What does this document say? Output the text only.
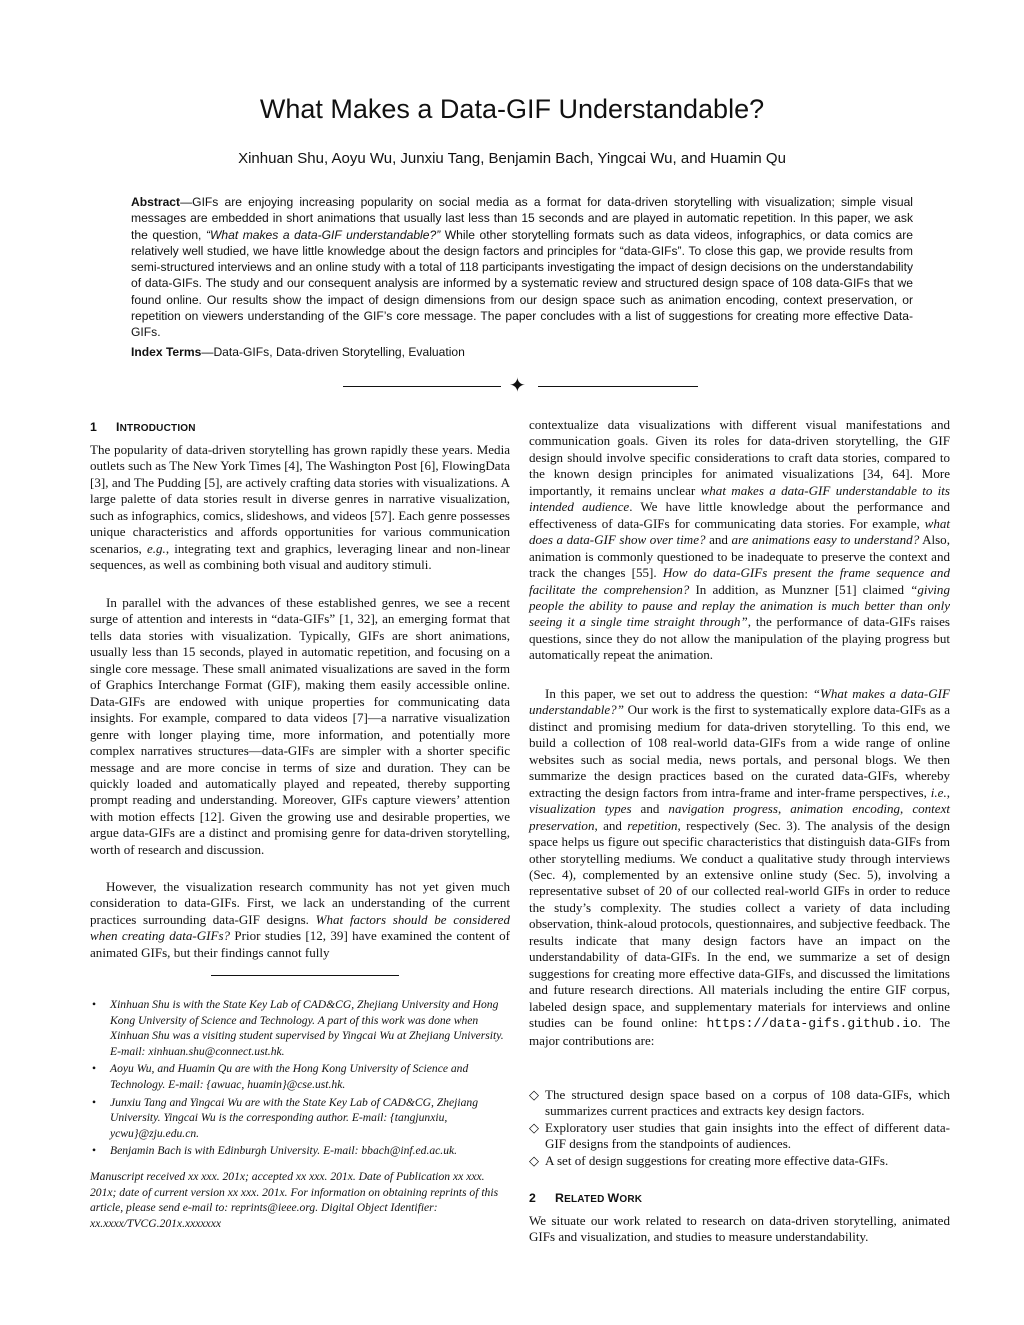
What Makes a Data-GIF Understandable?
Xinhuan Shu, Aoyu Wu, Junxiu Tang, Benjamin Bach, Yingcai Wu, and Huamin Qu
Abstract—GIFs are enjoying increasing popularity on social media as a format for data-driven storytelling with visualization; simple visual messages are embedded in short animations that usually last less than 15 seconds and are played in automatic repetition. In this paper, we ask the question, “What makes a data-GIF understandable?” While other storytelling formats such as data videos, infographics, or data comics are relatively well studied, we have little knowledge about the design factors and principles for “data-GIFs”. To close this gap, we provide results from semi-structured interviews and an online study with a total of 118 participants investigating the impact of design decisions on the understandability of data-GIFs. The study and our consequent analysis are informed by a systematic review and structured design space of 108 data-GIFs that we found online. Our results show the impact of design dimensions from our design space such as animation encoding, context preservation, or repetition on viewers understanding of the GIF’s core message. The paper concludes with a list of suggestions for creating more effective Data-GIFs.
Index Terms—Data-GIFs, Data-driven Storytelling, Evaluation
✦
1 INTRODUCTION

The popularity of data-driven storytelling has grown rapidly these years. Media outlets such as The New York Times [4], The Washington Post [6], FlowingData [3], and The Pudding [5], are actively crafting data stories with visualizations. A large palette of data stories result in diverse genres in narrative visualization, such as infographics, comics, slideshows, and videos [57]. Each genre possesses unique characteristics and affords opportunities for various communication scenarios, e.g., integrating text and graphics, leveraging linear and non-linear sequences, as well as combining both visual and auditory stimuli.

In parallel with the advances of these established genres, we see a recent surge of attention and interests in “data-GIFs” [1, 32], an emerging format that tells data stories with visualization. Typically, GIFs are short animations, usually less than 15 seconds, played in automatic repetition, and focusing on a single core message. These small animated visualizations are saved in the form of Graphics Interchange Format (GIF), making them easily accessible online. Data-GIFs are endowed with unique properties for communicating data insights. For example, compared to data videos [7]—a narrative visualization genre with longer playing time, more information, and potentially more complex narratives structures—data-GIFs are simpler with a shorter specific message and are more concise in terms of size and duration. They can be quickly loaded and automatically played and repeated, thereby supporting prompt reading and understanding. Moreover, GIFs capture viewers’ attention with motion effects [12]. Given the growing use and desirable properties, we argue data-GIFs are a distinct and promising genre for data-driven storytelling, worth of research and discussion.

However, the visualization research community has not yet given much consideration to data-GIFs. First, we lack an understanding of the current practices surrounding data-GIF designs. What factors should be considered when creating data-GIFs? Prior studies [12, 39] have examined the content of animated GIFs, but their findings cannot fully

• Xinhuan Shu is with the State Key Lab of CAD&CG, Zhejiang University and Hong Kong University of Science and Technology. A part of this work was done when Xinhuan Shu was a visiting student supervised by Yingcai Wu at Zhejiang University. E-mail: xinhuan.shu@connect.ust.hk.
• Aoyu Wu, and Huamin Qu are with the Hong Kong University of Science and Technology. E-mail: {awuac, huamin}@cse.ust.hk.
• Junxiu Tang and Yingcai Wu are with the State Key Lab of CAD&CG, Zhejiang University. Yingcai Wu is the corresponding author. E-mail: {tangjunxiu, ycwu}@zju.edu.cn.
• Benjamin Bach is with Edinburgh University. E-mail: bbach@inf.ed.ac.uk.
Manuscript received xx xxx. 201x; accepted xx xxx. 201x. Date of Publication xx xxx. 201x; date of current version xx xxx. 201x. For information on obtaining reprints of this article, please send e-mail to: reprints@ieee.org. Digital Object Identifier: xx.xxxx/TVCG.201x.xxxxxxx

contextualize data visualizations with different visual manifestations and communication goals. Given its roles for data-driven storytelling, the GIF design should involve specific considerations to craft data stories, compared to the known design principles for animated visualizations [34, 64]. More importantly, it remains unclear what makes a data-GIF understandable to its intended audience. We have little knowledge about the performance and effectiveness of data-GIFs for communicating data stories. For example, what does a data-GIF show over time? and are animations easy to understand? Also, animation is commonly questioned to be inadequate to preserve the context and track the changes [55]. How do data-GIFs present the frame sequence and facilitate the comprehension? In addition, as Munzner [51] claimed “giving people the ability to pause and replay the animation is much better than only seeing it a single time straight through”, the performance of data-GIFs raises questions, since they do not allow the manipulation of the playing progress but automatically repeat the animation.

In this paper, we set out to address the question: “What makes a data-GIF understandable?” Our work is the first to systematically explore data-GIFs as a distinct and promising medium for data-driven storytelling. To this end, we build a collection of 108 real-world data-GIFs from a wide range of online websites such as social media, news portals, and personal blogs. We then summarize the design practices based on the curated data-GIFs, whereby extracting the design factors from intra-frame and inter-frame perspectives, i.e., visualization types and navigation progress, animation encoding, context preservation, and repetition, respectively (Sec. 3). The analysis of the design space helps us figure out specific characteristics that distinguish data-GIFs from other storytelling mediums. We conduct a qualitative study through interviews (Sec. 4), complemented by an extensive online study (Sec. 5), involving a representative subset of 20 of our collected real-world GIFs in order to reduce the study’s complexity. The studies collect a variety of data including observation, think-aloud protocols, questionnaires, and subjective feedback. The results indicate that many design factors have an impact on the understandability of data-GIFs. In the end, we summarize a set of design suggestions for creating more effective data-GIFs, and discussed the limitations and future research directions. All materials including the entire GIF corpus, labeled design space, and supplementary materials for interviews and online studies can be found online: https://data-gifs.github.io. The major contributions are:

◇ The structured design space based on a corpus of 108 data-GIFs, which summarizes current practices and extracts key design factors.
◇ Exploratory user studies that gain insights into the effect of different data-GIF designs from the standpoints of audiences.
◇ A set of design suggestions for creating more effective data-GIFs.
2 RELATED WORK

We situate our work related to research on data-driven storytelling, animated GIFs and visualization, and studies to measure understandability.
